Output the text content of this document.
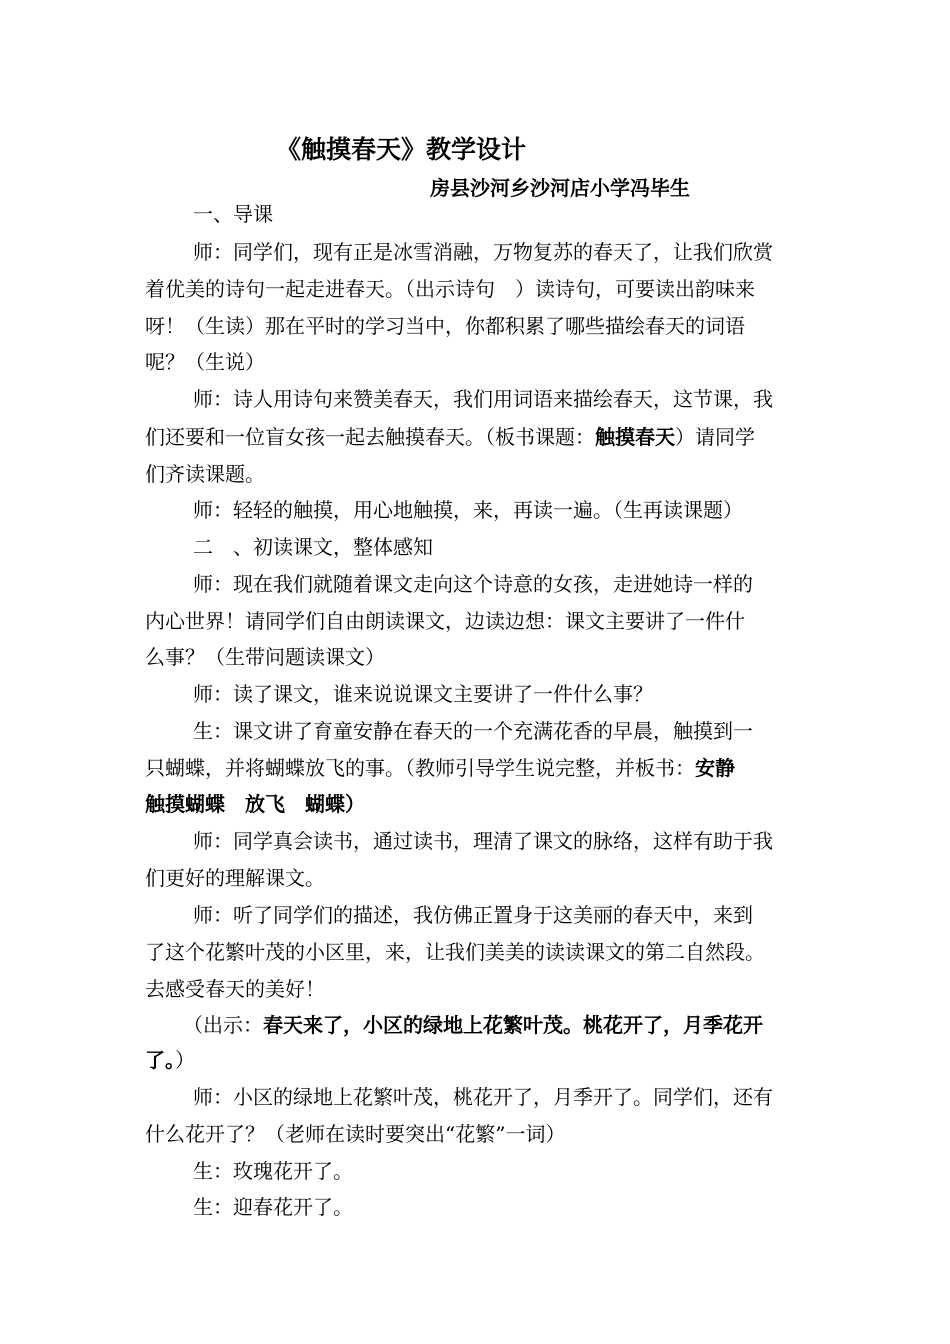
《触摸春天》教学设计
房县沙河乡沙河店小学冯毕生
一、导课
师：同学们，现有正是冰雪消融，万物复苏的春天了，让我们欣赏
着优美的诗句一起走进春天。（出示诗句　）读诗句，可要读出韵味来
呀！（生读）那在平时的学习当中，你都积累了哪些描绘春天的词语
呢？（生说）
师：诗人用诗句来赞美春天，我们用词语来描绘春天，这节课，我
们还要和一位盲女孩一起去触摸春天。（板书课题：触摸春天）请同学
们齐读课题。
师：轻轻的触摸，用心地触摸，来，再读一遍。（生再读课题）
二　、初读课文，整体感知
师：现在我们就随着课文走向这个诗意的女孩，走进她诗一样的
内心世界！请同学们自由朗读课文，边读边想：课文主要讲了一件什
么事？（生带问题读课文）
师：读了课文，谁来说说课文主要讲了一件什么事？
生：课文讲了育童安静在春天的一个充满花香的早晨，触摸到一
只蝴蝶，并将蝴蝶放飞的事。（教师引导学生说完整，并板书：安静
触摸蝴蝶　放飞　蝴蝶）
师：同学真会读书，通过读书，理清了课文的脉络，这样有助于我
们更好的理解课文。
师：听了同学们的描述，我仿佛正置身于这美丽的春天中，来到
了这个花繁叶茂的小区里，来，让我们美美的读读课文的第二自然段。
去感受春天的美好！
（出示：春天来了，小区的绿地上花繁叶茂。桃花开了，月季花开
了。）
师：小区的绿地上花繁叶茂，桃花开了，月季开了。同学们，还有
什么花开了？（老师在读时要突出“花繁”一词）
生：玫瑰花开了。
生：迎春花开了。
